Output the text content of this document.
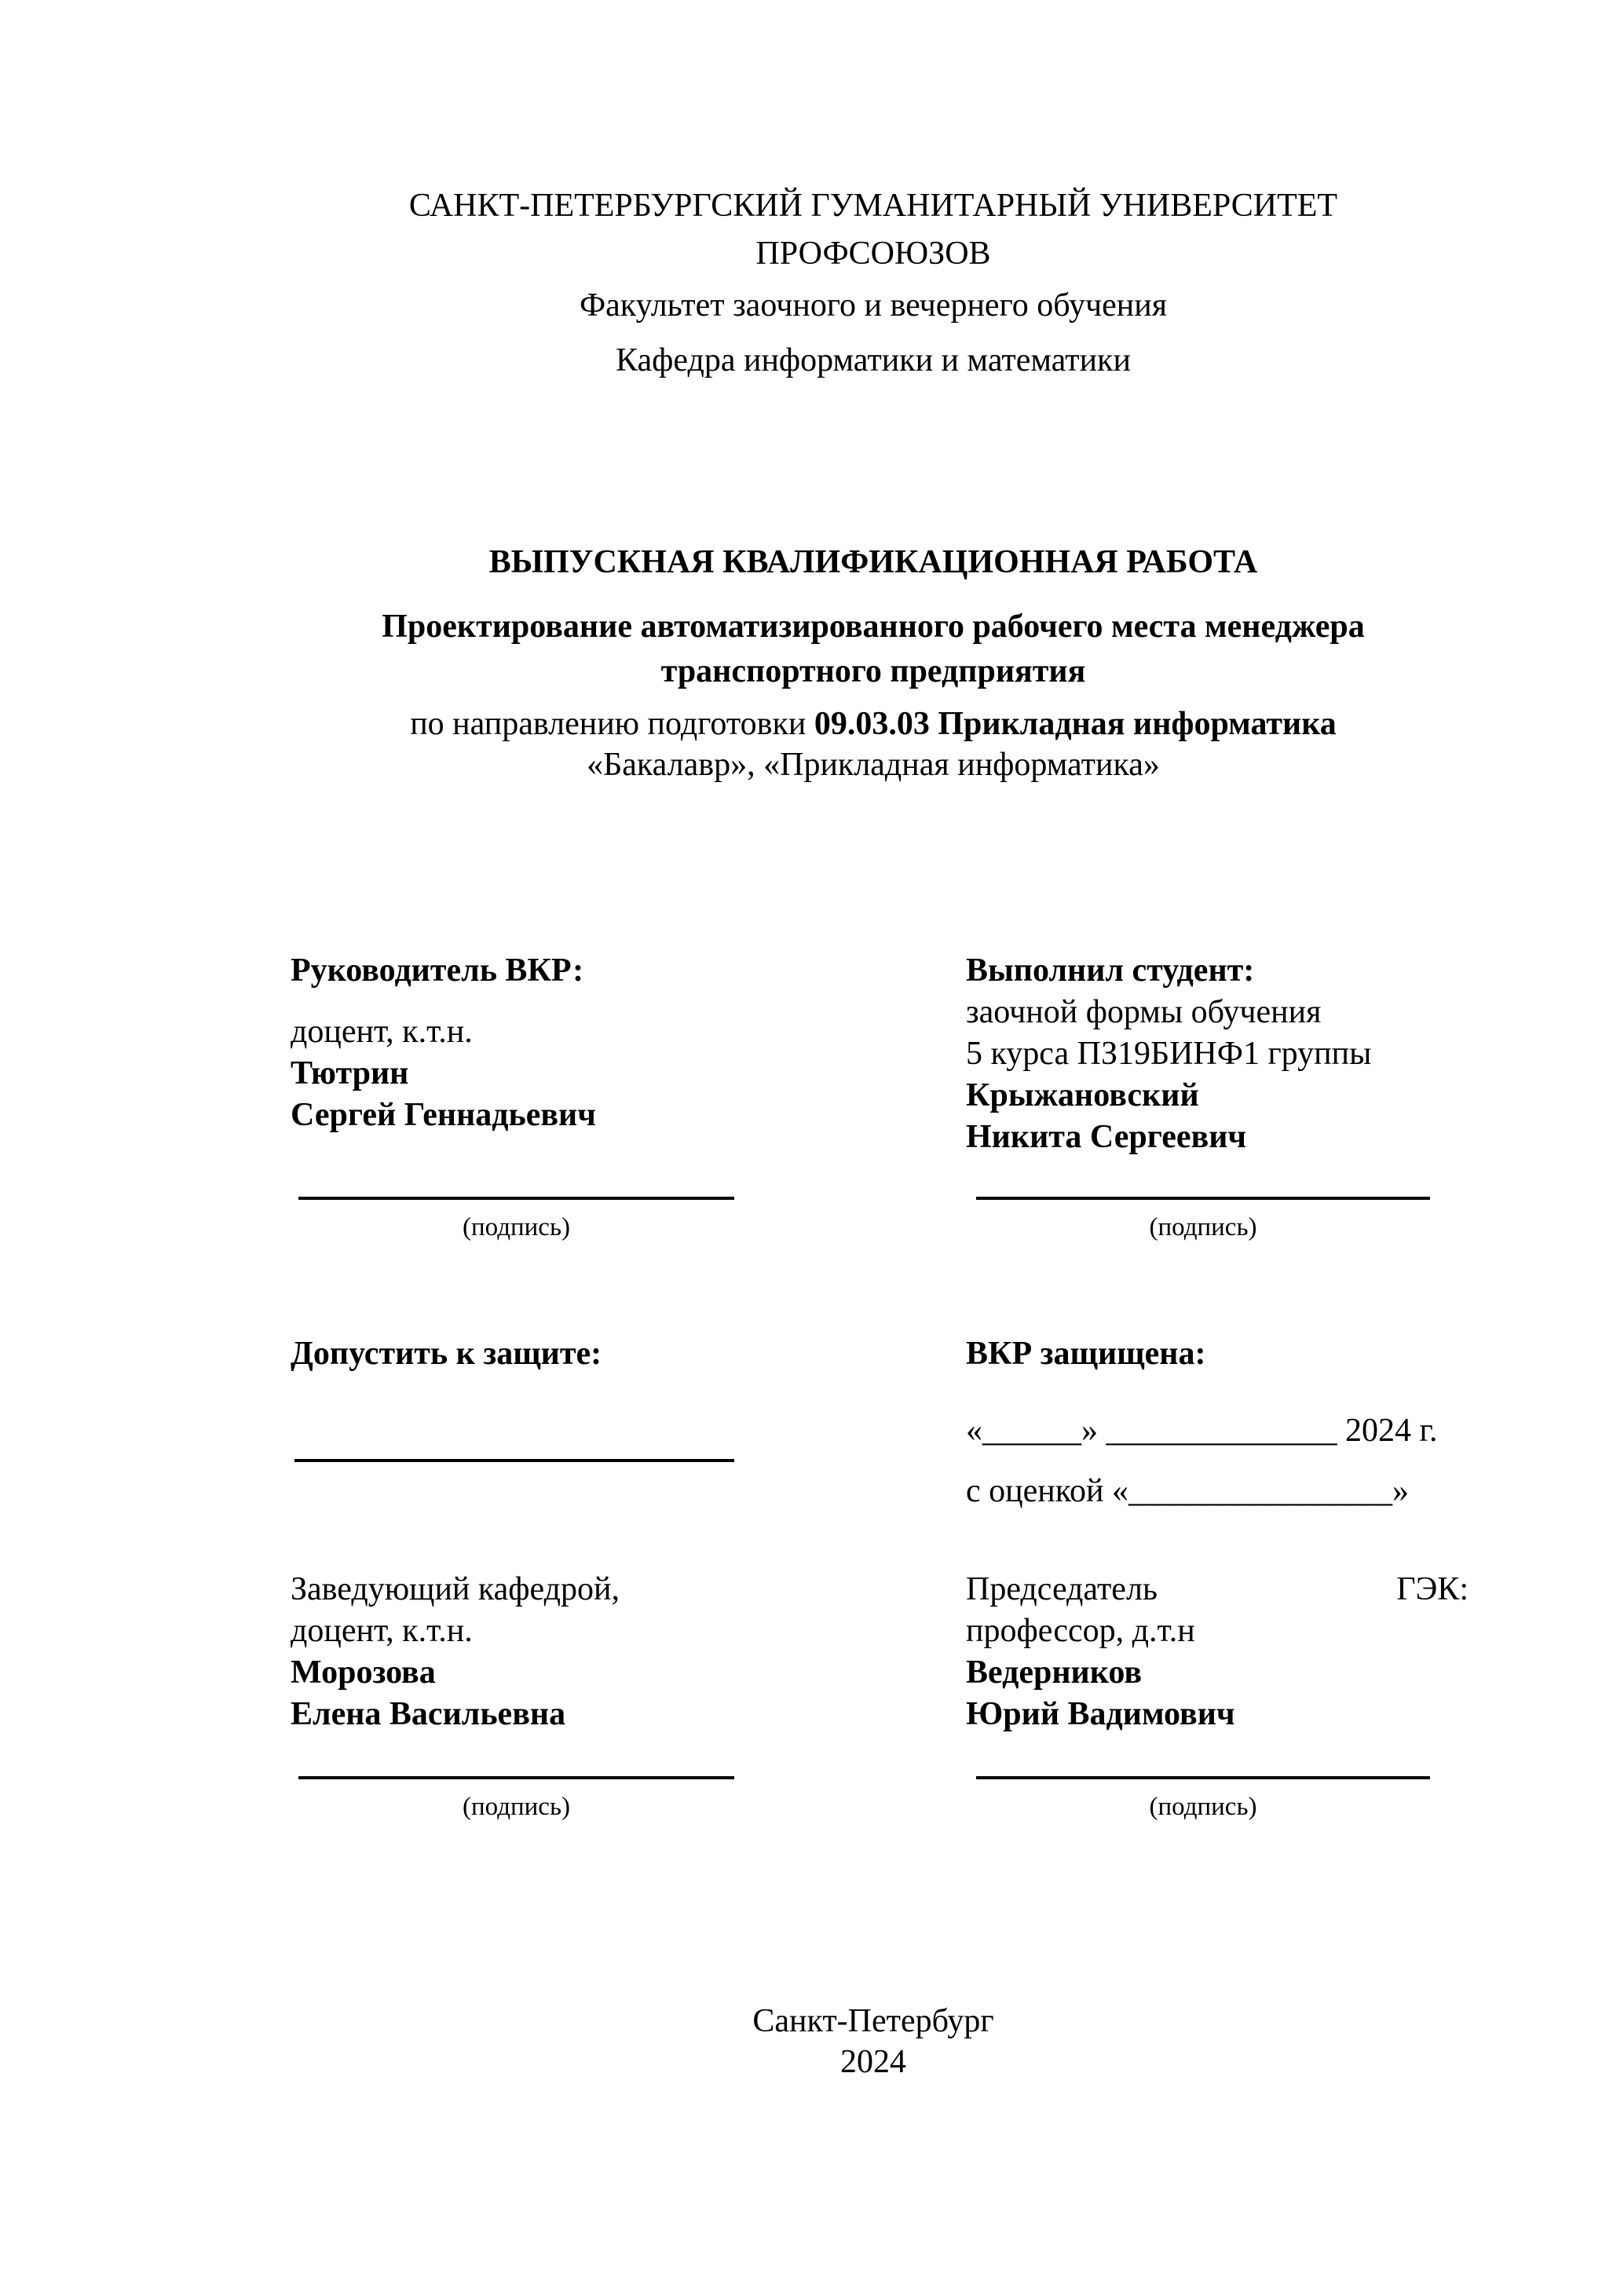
САНКТ-ПЕТЕРБУРГСКИЙ ГУМАНИТАРНЫЙ УНИВЕРСИТЕТ
ПРОФСОЮЗОВ
Факультет заочного и вечернего обучения
Кафедра информатики и математики
ВЫПУСКНАЯ КВАЛИФИКАЦИОННАЯ РАБОТА
Проектирование автоматизированного рабочего места менеджера
транспортного предприятия
по направлению подготовки 09.03.03 Прикладная информатика
«Бакалавр», «Прикладная информатика»
Руководитель ВКР:
доцент, к.т.н.
Тютрин
Сергей Геннадьевич
Выполнил студент:
заочной формы обучения
5 курса ПЗ19БИНФ1 группы
Крыжановский
Никита Сергеевич
(подпись)	(подпись)
Допустить к защите:	ВКР защищена:
«______» ______________ 2024 г.
с оценкой «________________»
Заведующий кафедрой,
доцент, к.т.н.
Морозова
Елена Васильевна
Председатель	ГЭК:
профессор, д.т.н
Ведерников
Юрий Вадимович
(подпись)	(подпись)
Санкт-Петербург
2024
